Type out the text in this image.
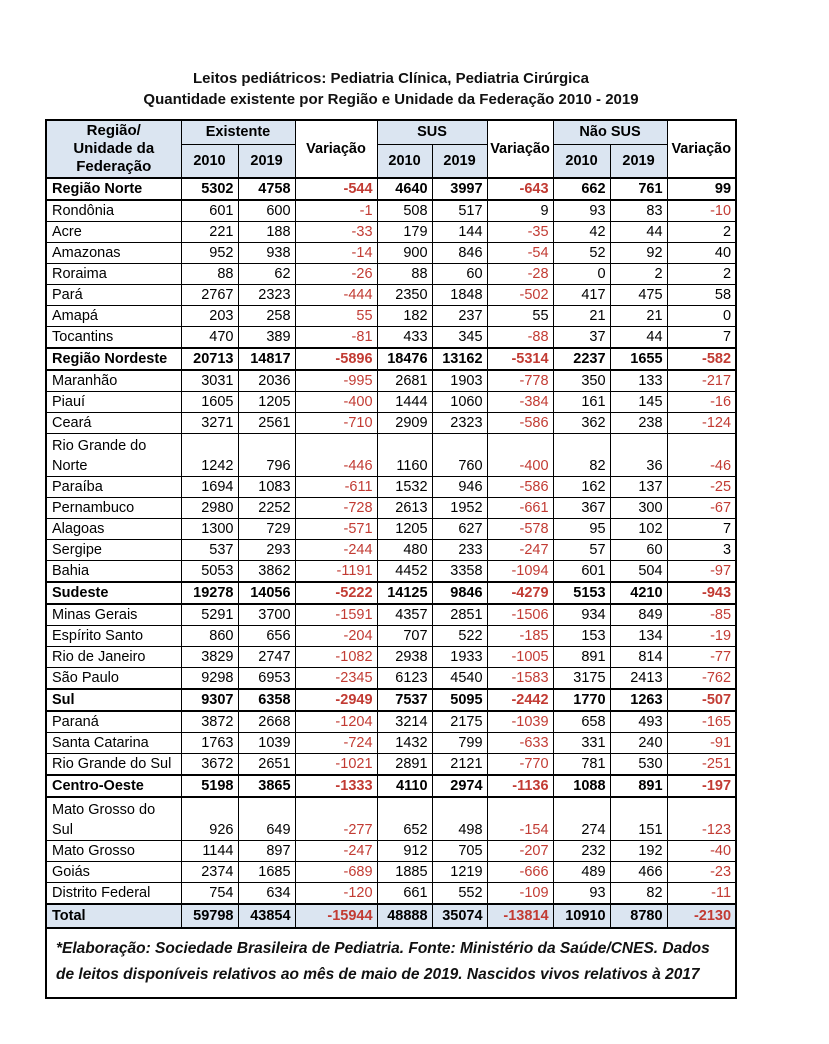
Leitos pediátricos: Pediatria Clínica, Pediatria Cirúrgica
Quantidade existente por Região e Unidade da Federação 2010 - 2019
Região/
Unidade da
Federação	Existente		Variação	SUS		Variação	Não SUS		Variação
	2010	2019		2010	2019		2010	2019	
Região Norte	5302	4758	-544	4640	3997	-643	662	761	99
Rondônia	601	600	-1	508	517	9	93	83	-10
Acre	221	188	-33	179	144	-35	42	44	2
Amazonas	952	938	-14	900	846	-54	52	92	40
Roraima	88	62	-26	88	60	-28	0	2	2
Pará	2767	2323	-444	2350	1848	-502	417	475	58
Amapá	203	258	55	182	237	55	21	21	0
Tocantins	470	389	-81	433	345	-88	37	44	7
Região Nordeste	20713	14817	-5896	18476	13162	-5314	2237	1655	-582
Maranhão	3031	2036	-995	2681	1903	-778	350	133	-217
Piauí	1605	1205	-400	1444	1060	-384	161	145	-16
Ceará	3271	2561	-710	2909	2323	-586	362	238	-124
Rio Grande do Norte	1242	796	-446	1160	760	-400	82	36	-46
Paraíba	1694	1083	-611	1532	946	-586	162	137	-25
Pernambuco	2980	2252	-728	2613	1952	-661	367	300	-67
Alagoas	1300	729	-571	1205	627	-578	95	102	7
Sergipe	537	293	-244	480	233	-247	57	60	3
Bahia	5053	3862	-1191	4452	3358	-1094	601	504	-97
Sudeste	19278	14056	-5222	14125	9846	-4279	5153	4210	-943
Minas Gerais	5291	3700	-1591	4357	2851	-1506	934	849	-85
Espírito Santo	860	656	-204	707	522	-185	153	134	-19
Rio de Janeiro	3829	2747	-1082	2938	1933	-1005	891	814	-77
São Paulo	9298	6953	-2345	6123	4540	-1583	3175	2413	-762
Sul	9307	6358	-2949	7537	5095	-2442	1770	1263	-507
Paraná	3872	2668	-1204	3214	2175	-1039	658	493	-165
Santa Catarina	1763	1039	-724	1432	799	-633	331	240	-91
Rio Grande do Sul	3672	2651	-1021	2891	2121	-770	781	530	-251
Centro-Oeste	5198	3865	-1333	4110	2974	-1136	1088	891	-197
Mato Grosso do Sul	926	649	-277	652	498	-154	274	151	-123
Mato Grosso	1144	897	-247	912	705	-207	232	192	-40
Goiás	2374	1685	-689	1885	1219	-666	489	466	-23
Distrito Federal	754	634	-120	661	552	-109	93	82	-11
Total	59798	43854	-15944	48888	35074	-13814	10910	8780	-2130
*Elaboração: Sociedade Brasileira de Pediatria. Fonte: Ministério da Saúde/CNES. Dados de leitos disponíveis relativos ao mês de maio de 2019. Nascidos vivos relativos à 2017
